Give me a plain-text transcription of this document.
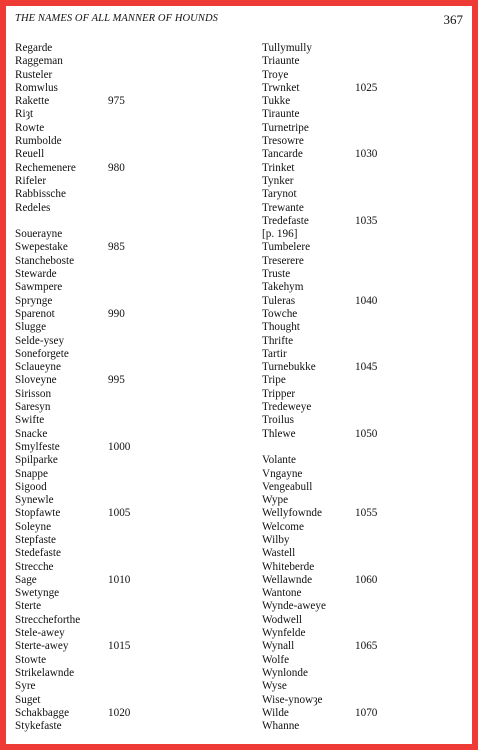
THE NAMES OF ALL MANNER OF HOUNDS	367
Regarde
Raggeman
Rusteler
Romwlus
Rakette	975
Riȝt
Rowte
Rumbolde
Reuell
Rechemenere	980
Rifeler
Rabbissche
Redeles
Souerayne
Swepestake	985
Stancheboste
Stewarde
Sawmpere
Sprynge
Sparenot	990
Slugge
Selde-ysey
Soneforgete
Sclaueyne
Sloveyne	995
Sirisson
Saresyn
Swifte
Snacke
Smylfeste	1000
Spilparke
Snappe
Sigood
Synewle
Stopfawte	1005
Soleyne
Stepfaste
Stedefaste
Strecche
Sage	1010
Swetynge
Sterte
Streccheforthe
Stele-awey
Sterte-awey	1015
Stowte
Strikelawnde
Syre
Suget
Schakbagge	1020
Stykefaste
Tullymully
Triaunte
Troye
Trwnket	1025
Tukke
Tiraunte
Turnetripe
Tresowre
Tancarde	1030
Trinket
Tynker
Tarynot
Trewante
Tredefaste	1035
[p. 196]
Tumbelere
Treserere
Truste
Takehym
Tuleras	1040
Towche
Thought
Thrifte
Tartir
Turnebukke	1045
Tripe
Tripper
Tredeweye
Troilus
Thlewe	1050
Volante
Vngayne
Vengeabull
Wype
Wellyfownde	1055
Welcome
Wilby
Wastell
Whiteberde
Wellawnde	1060
Wantone
Wynde-aweye
Wodwell
Wynfelde
Wynall	1065
Wolfe
Wynlonde
Wyse
Wise-ynowȝe
Wilde	1070
Whanne
